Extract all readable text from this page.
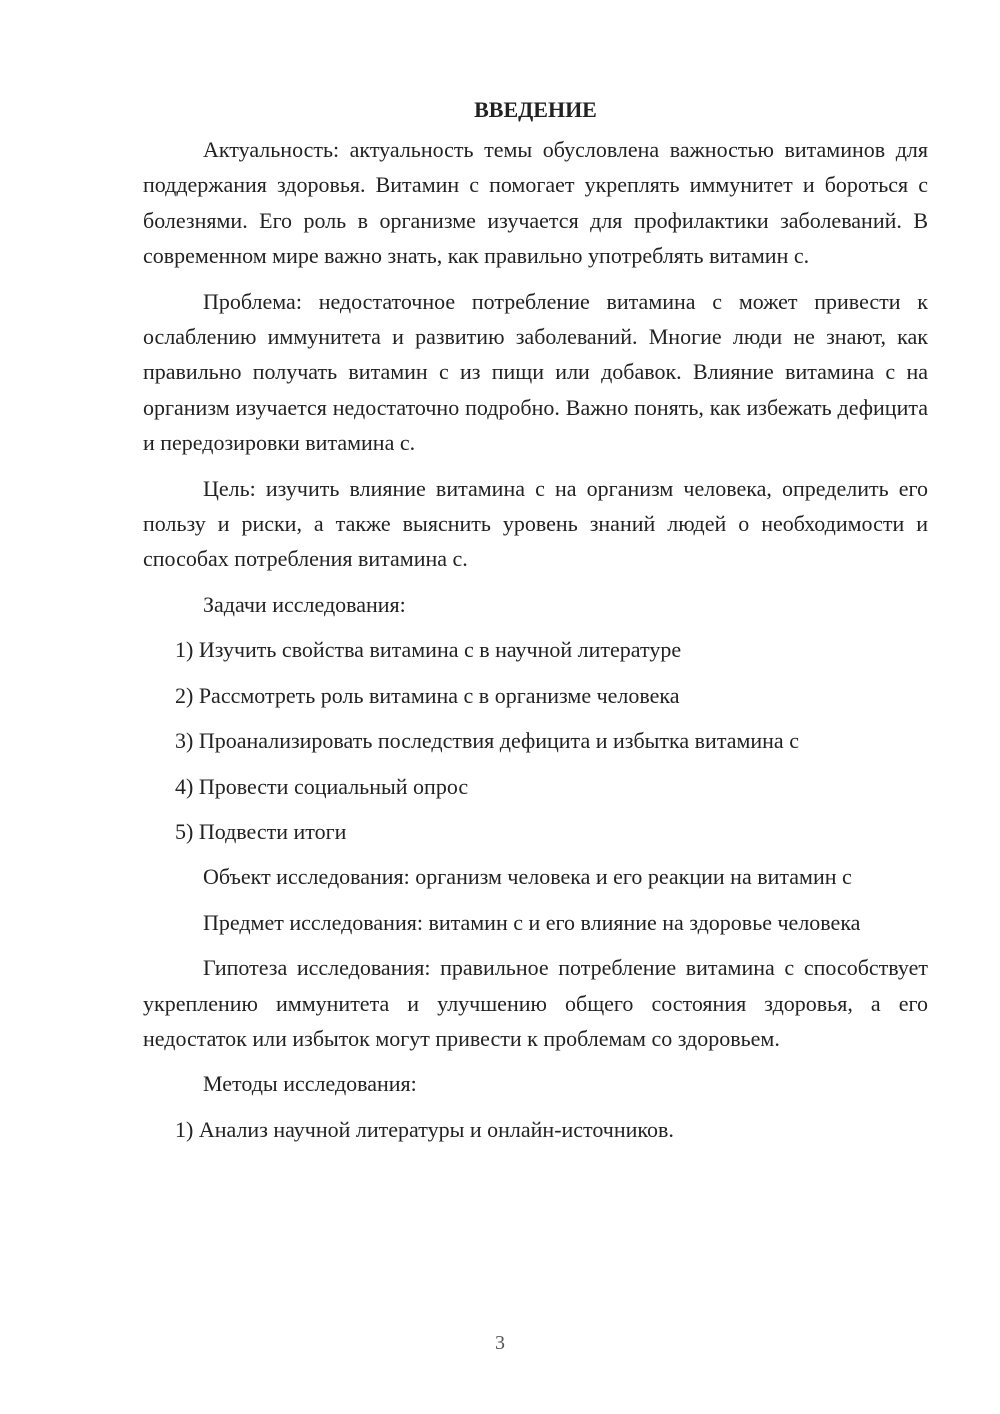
ВВЕДЕНИЕ

Актуальность: актуальность темы обусловлена важностью витаминов для поддержания здоровья. Витамин с помогает укреплять иммунитет и бороться с болезнями. Его роль в организме изучается для профилактики заболеваний. В современном мире важно знать, как правильно употреблять витамин с.

Проблема: недостаточное потребление витамина с может привести к ослаблению иммунитета и развитию заболеваний. Многие люди не знают, как правильно получать витамин с из пищи или добавок. Влияние витамина с на организм изучается недостаточно подробно. Важно понять, как избежать дефицита и передозировки витамина с.

Цель: изучить влияние витамина с на организм человека, определить его пользу и риски, а также выяснить уровень знаний людей о необходимости и способах потребления витамина с.

Задачи исследования:

1) Изучить свойства витамина с в научной литературе
2) Рассмотреть роль витамина с в организме человека
3) Проанализировать последствия дефицита и избытка витамина с
4) Провести социальный опрос
5) Подвести итоги

Объект исследования: организм человека и его реакции на витамин с

Предмет исследования: витамин с и его влияние на здоровье человека

Гипотеза исследования: правильное потребление витамина с способствует укреплению иммунитета и улучшению общего состояния здоровья, а его недостаток или избыток могут привести к проблемам со здоровьем.

Методы исследования:

1) Анализ научной литературы и онлайн-источников.
3
